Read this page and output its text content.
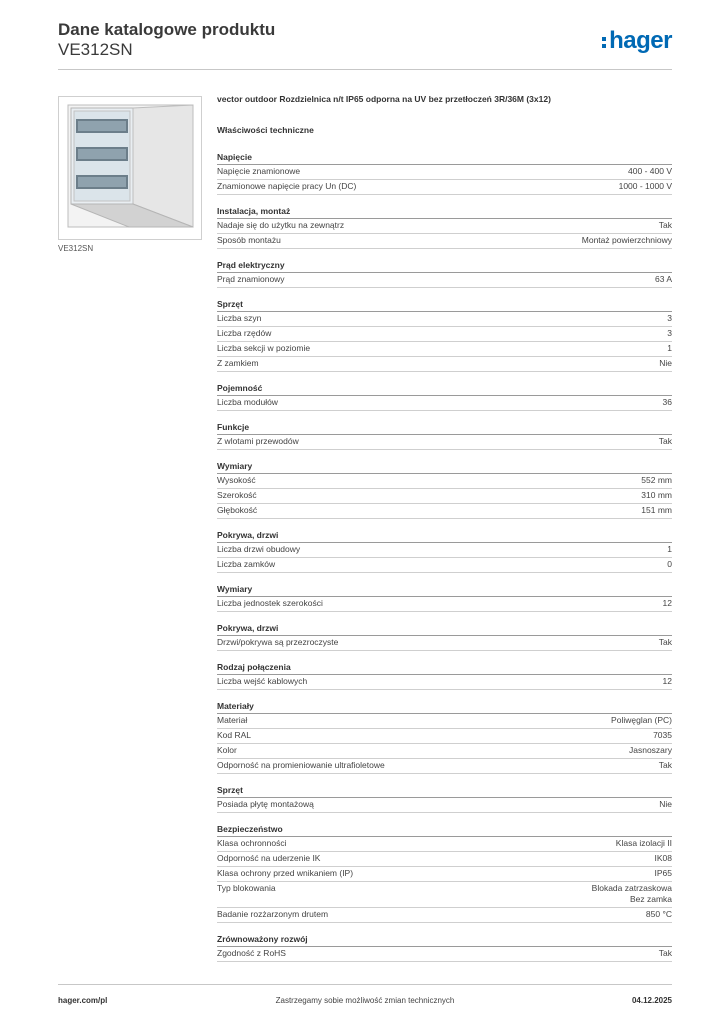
Dane katalogowe produktu
VE312SN	hager
VE312SN
vector outdoor Rozdzielnica n/t IP65 odporna na UV bez przetłoczeń 3R/36M (3x12)
Właściwości techniczne
Napięcie
Napięcie znamionowe	400 - 400 V
Znamionowe napięcie pracy Un (DC)	1000 - 1000 V
Instalacja, montaż
Nadaje się do użytku na zewnątrz	Tak
Sposób montażu	Montaż powierzchniowy
Prąd elektryczny
Prąd znamionowy	63 A
Sprzęt
Liczba szyn	3
Liczba rzędów	3
Liczba sekcji w poziomie	1
Z zamkiem	Nie
Pojemność
Liczba modułów	36
Funkcje
Z wlotami przewodów	Tak
Wymiary
Wysokość	552 mm
Szerokość	310 mm
Głębokość	151 mm
Pokrywa, drzwi
Liczba drzwi obudowy	1
Liczba zamków	0
Wymiary
Liczba jednostek szerokości	12
Pokrywa, drzwi
Drzwi/pokrywa są przezroczyste	Tak
Rodzaj połączenia
Liczba wejść kablowych	12
Materiały
Materiał	Poliwęglan (PC)
Kod RAL	7035
Kolor	Jasnoszary
Odporność na promieniowanie ultrafioletowe	Tak
Sprzęt
Posiada płytę montażową	Nie
Bezpieczeństwo
Klasa ochronności	Klasa izolacji II
Odporność na uderzenie IK	IK08
Klasa ochrony przed wnikaniem (IP)	IP65
Typ blokowania	Blokada zatrzaskowa
Bez zamka
Badanie rozżarzonym drutem	850 °C
Zrównoważony rozwój
Zgodność z RoHS	Tak
hager.com/pl	Zastrzegamy sobie możliwość zmian technicznych	04.12.2025
